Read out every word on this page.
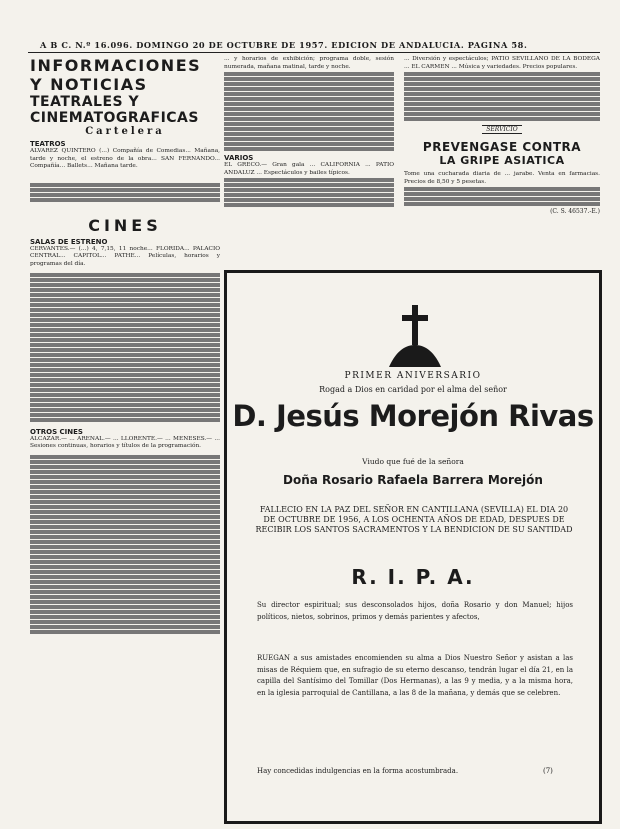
A B C. N.º 16.096. DOMINGO 20 DE OCTUBRE DE 1957. EDICION DE ANDALUCIA. PAGINA 58.
INFORMACIONES Y NOTICIAS
TEATRALES Y CINEMATOGRAFICAS
Cartelera
TEATROS
ALVAREZ QUINTERO (...) Compañía de Comedias... Mañana, tarde y noche, el estreno de la obra... SAN FERNANDO... Compañía... Ballets... Mañana tarde.
CINES
SALAS DE ESTRENO
CERVANTES.— (...) 4, 7,15, 11 noche... FLORIDA... PALACIO CENTRAL... CAPITOL... PATHE... Películas, horarios y programas del día.
OTROS CINES
ALCAZAR.— ... ARENAL.— ... LLORENTE.— ... MENESES.— ... Sesiones continuas, horarios y títulos de la programación.
... y horarios de exhibición; programa doble, sesión numerada, mañana matinal, tarde y noche.
VARIOS
EL GRECO.— Gran gala ... CALIFORNIA ... PATIO ANDALUZ ... Espectáculos y bailes típicos.
... Diversión y espectáculos; PATIO SEVILLANO DE LA BODEGA ... EL CARMEN ... Música y variedades. Precios populares.
SERVICIO
PREVENGASE CONTRA
LA GRIPE ASIATICA
Tome una cucharada diaria de ... jarabe. Venta en farmacias. Precios de 8,50 y 5 pesetas.
(C. S. 46537.-E.)
PRIMER ANIVERSARIO
Rogad a Dios en caridad por el alma del señor
D. Jesús Morejón Rivas
Viudo que fué de la señora
Doña Rosario Rafaela Barrera Morejón
FALLECIO EN LA PAZ DEL SEÑOR EN CANTILLANA (SEVILLA) EL DIA 20 DE OCTUBRE DE 1956, A LOS OCHENTA AÑOS DE EDAD, DESPUES DE RECIBIR LOS SANTOS SACRAMENTOS Y LA BENDICION DE SU SANTIDAD
R. I. P. A.
Su director espiritual; sus desconsolados hijos, doña Rosario y don Manuel; hijos políticos, nietos, sobrinos, primos y demás parientes y afectos,
RUEGAN a sus amistades encomienden su alma a Dios Nuestro Señor y asistan a las misas de Réquiem que, en sufragio de su eterno descanso, tendrán lugar el día 21, en la capilla del Santísimo del Tomillar (Dos Hermanas), a las 9 y media, y a la misma hora, en la iglesia parroquial de Cantillana, a las 8 de la mañana, y demás que se celebren.
Hay concedidas indulgencias en la forma acostumbrada.	(7)
